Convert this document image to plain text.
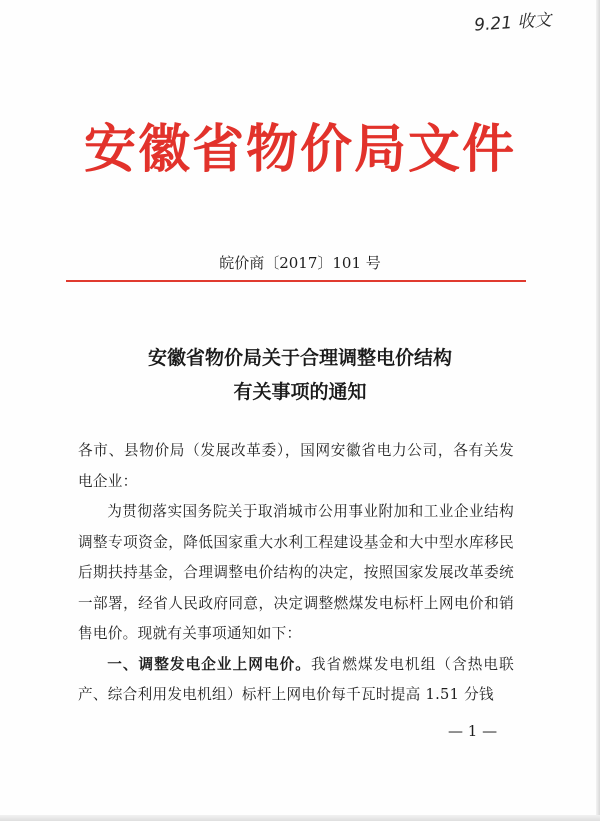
9.21 收文
安徽省物价局文件
皖价商〔2017〕101 号
安徽省物价局关于合理调整电价结构
有关事项的通知

各市、县物价局（发展改革委），国网安徽省电力公司，各有关发电企业：

为贯彻落实国务院关于取消城市公用事业附加和工业企业结构调整专项资金，降低国家重大水利工程建设基金和大中型水库移民后期扶持基金，合理调整电价结构的决定，按照国家发展改革委统一部署，经省人民政府同意，决定调整燃煤发电标杆上网电价和销售电价。现就有关事项通知如下：

一、调整发电企业上网电价。我省燃煤发电机组（含热电联产、综合利用发电机组）标杆上网电价每千瓦时提高 1.51 分钱

— 1 —
